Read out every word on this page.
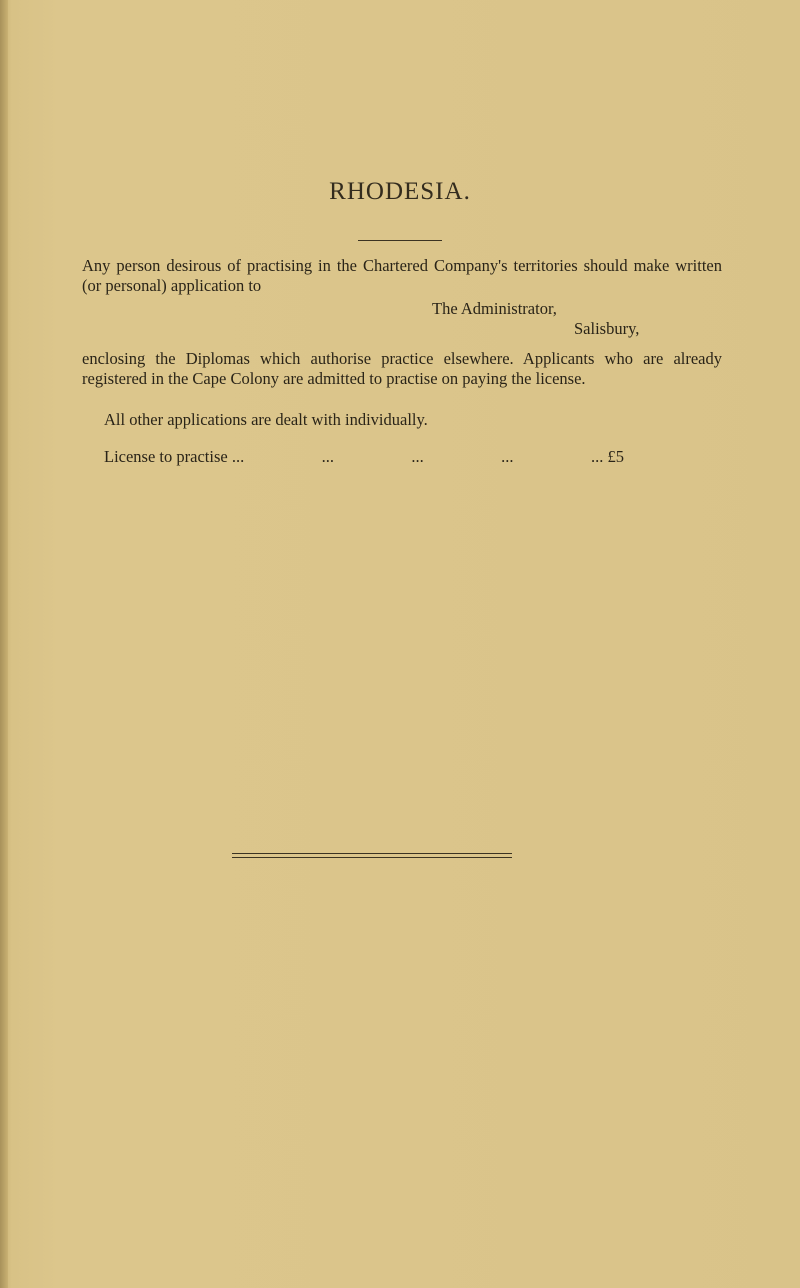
RHODESIA.
Any person desirous of practising in the Chartered Company's territories should make written (or personal) application to
The Administrator,
Salisbury,
enclosing the Diplomas which authorise practice elsewhere. Applicants who are already registered in the Cape Colony are admitted to practise on paying the license.
All other applications are dealt with individually.
License to practise ...	...	...	...	... £5
